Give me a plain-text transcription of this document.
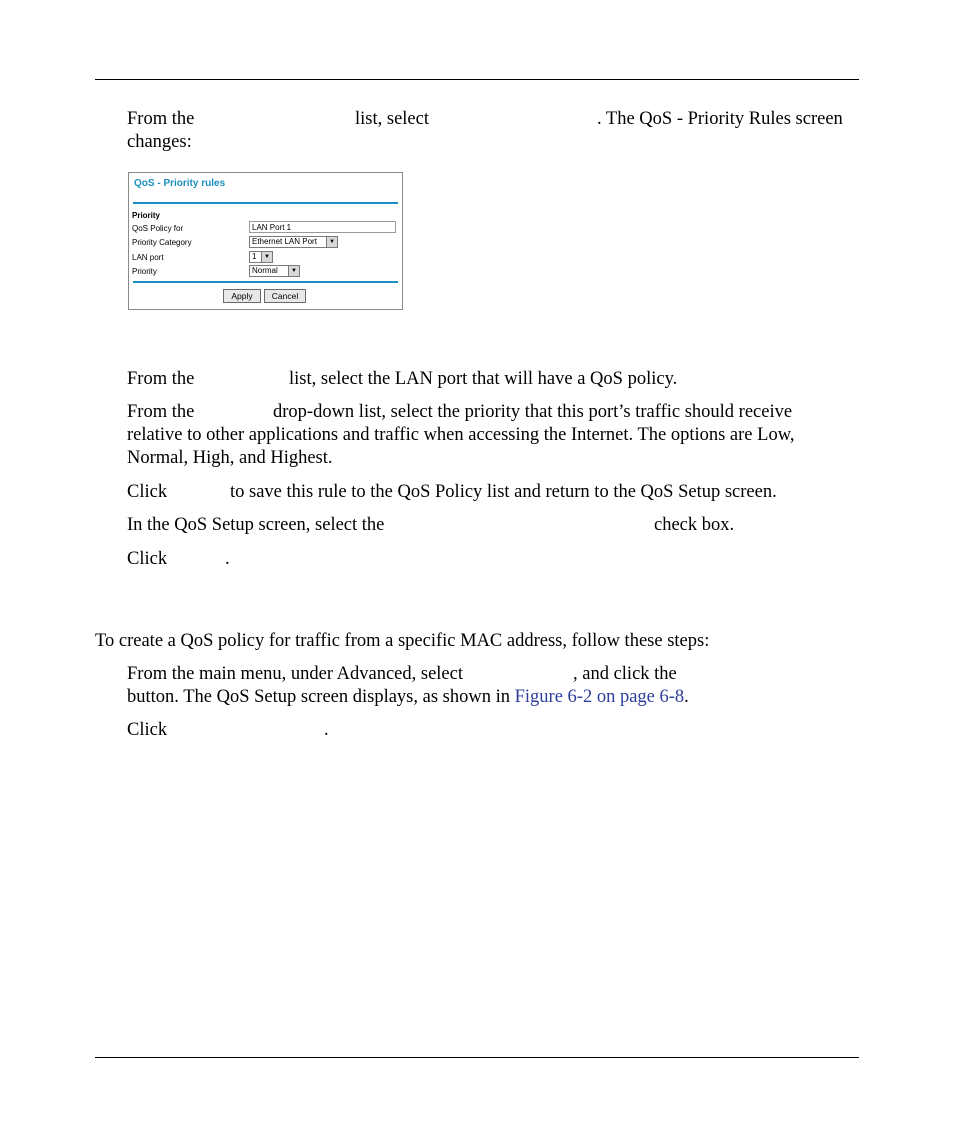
From the	list, select	. The QoS - Priority Rules screen
changes:
QoS - Priority rules
Priority
QoS Policy for	LAN Port 1
Priority Category	Ethernet LAN Port	▼
LAN port	1	▼
Priority	Normal	▼
Apply	Cancel
From the	list, select the LAN port that will have a QoS policy.
From the	drop-down list, select the priority that this port’s traffic should receive
relative to other applications and traffic when accessing the Internet. The options are Low,
Normal, High, and Highest.
Click	to save this rule to the QoS Policy list and return to the QoS Setup screen.
In the QoS Setup screen, select the	check box.
Click	.
To create a QoS policy for traffic from a specific MAC address, follow these steps:
From the main menu, under Advanced, select	, and click the
button. The QoS Setup screen displays, as shown in Figure 6-2 on page 6-8.
Click	.
